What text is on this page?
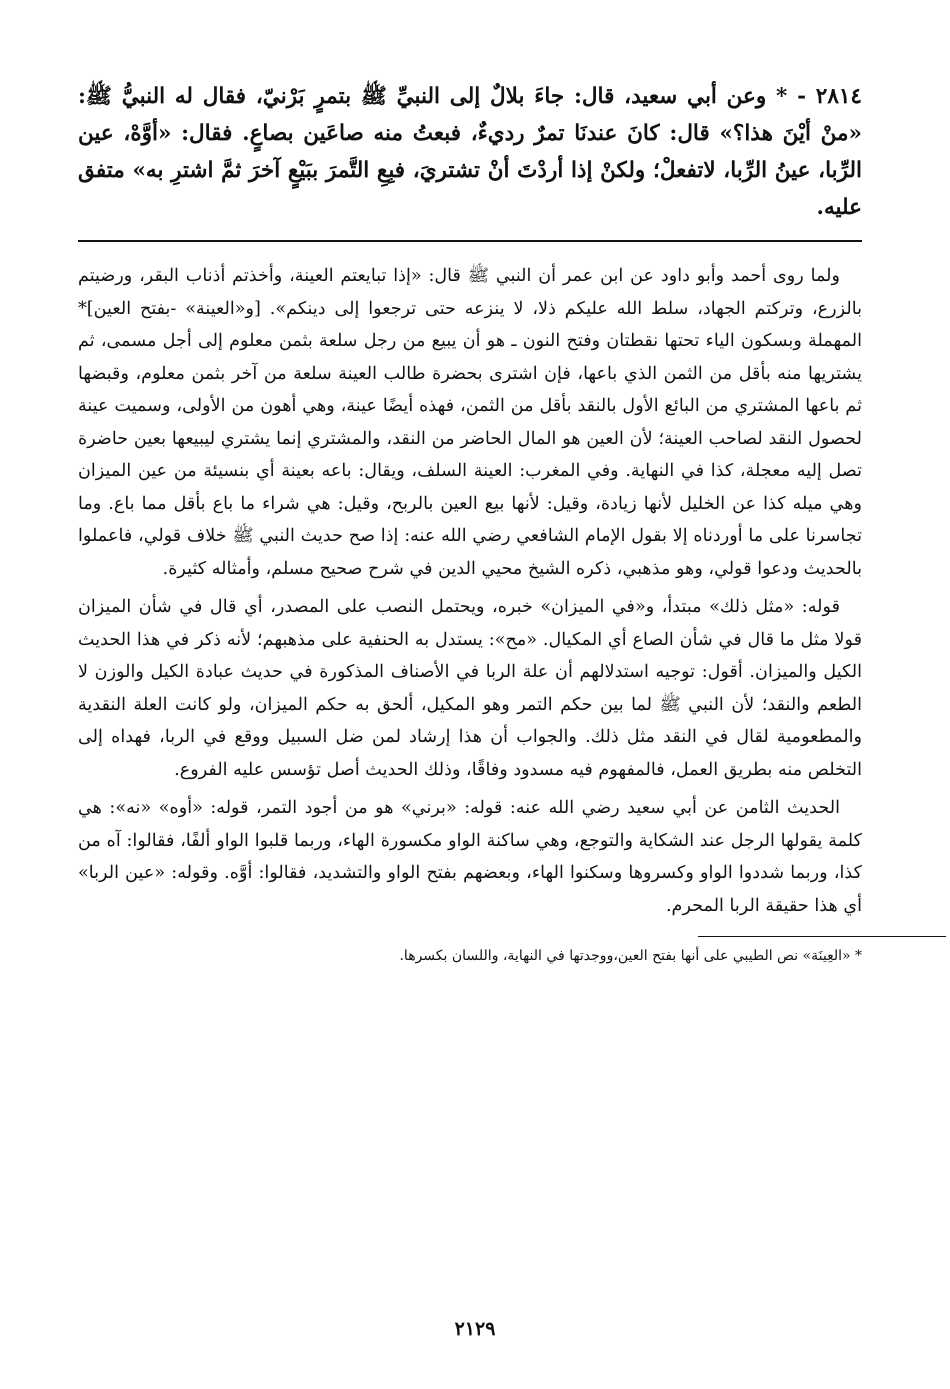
٢٨١٤ - * وعن أبي سعيد، قال: جاءَ بلالٌ إلى النبيِّ ﷺ بتمرٍ بَرْنيّ، فقال له النبيُّ ﷺ: «منْ أيْنَ هذا؟» قال: كانَ عندنَا تمرٌ رديءٌ، فبعتُ منه صاعَين بصاعٍ. فقال: «أوَّهْ، عين الرِّبا، عينُ الرِّبا، لاتفعلْ؛ ولكنْ إذا أردْتَ أنْ تشتريَ، فبِعِ التَّمرَ ببَيْعٍ آخرَ ثمَّ اشترِ به» متفق عليه.

ولما روى أحمد وأبو داود عن ابن عمر أن النبي ﷺ قال: «إذا تبايعتم العينة، وأخذتم أذناب البقر، ورضيتم بالزرع، وتركتم الجهاد، سلط الله عليكم ذلا، لا ينزعه حتى ترجعوا إلى دينكم». [و«العينة» -بفتح العين]* المهملة وبسكون الياء تحتها نقطتان وفتح النون ـ هو أن يبيع من رجل سلعة بثمن معلوم إلى أجل مسمى، ثم يشتريها منه بأقل من الثمن الذي باعها، فإن اشترى بحضرة طالب العينة سلعة من آخر بثمن معلوم، وقبضها ثم باعها المشتري من البائع الأول بالنقد بأقل من الثمن، فهذه أيضًا عينة، وهي أهون من الأولى، وسميت عينة لحصول النقد لصاحب العينة؛ لأن العين هو المال الحاضر من النقد، والمشتري إنما يشتري ليبيعها بعين حاضرة تصل إليه معجلة، كذا في النهاية. وفي المغرب: العينة السلف، ويقال: باعه بعينة أي بنسيئة من عين الميزان وهي ميله كذا عن الخليل لأنها زيادة، وقيل: لأنها بيع العين بالربح، وقيل: هي شراء ما باع بأقل مما باع. وما تجاسرنا على ما أوردناه إلا بقول الإمام الشافعي رضي الله عنه: إذا صح حديث النبي ﷺ خلاف قولي، فاعملوا بالحديث ودعوا قولي، وهو مذهبي، ذكره الشيخ محيي الدين في شرح صحيح مسلم، وأمثاله كثيرة.

قوله: «مثل ذلك» مبتدأ، و«في الميزان» خبره، ويحتمل النصب على المصدر، أي قال في شأن الميزان قولا مثل ما قال في شأن الصاع أي المكيال. «مح»: يستدل به الحنفية على مذهبهم؛ لأنه ذكر في هذا الحديث الكيل والميزان. أقول: توجيه استدلالهم أن علة الربا في الأصناف المذكورة في حديث عبادة الكيل والوزن لا الطعم والنقد؛ لأن النبي ﷺ لما بين حكم التمر وهو المكيل، ألحق به حكم الميزان، ولو كانت العلة النقدية والمطعومية لقال في النقد مثل ذلك. والجواب أن هذا إرشاد لمن ضل السبيل ووقع في الربا، فهداه إلى التخلص منه بطريق العمل، فالمفهوم فيه مسدود وفاقًا، وذلك الحديث أصل تؤسس عليه الفروع.

الحديث الثامن عن أبي سعيد رضي الله عنه: قوله: «برني» هو من أجود التمر، قوله: «أوه» «نه»: هي كلمة يقولها الرجل عند الشكاية والتوجع، وهي ساكنة الواو مكسورة الهاء، وربما قلبوا الواو ألفًا، فقالوا: آه من كذا، وربما شددوا الواو وكسروها وسكنوا الهاء، وبعضهم بفتح الواو والتشديد، فقالوا: أوَّه. وقوله: «عين الربا» أي هذا حقيقة الربا المحرم.

* «العِينَة» نص الطيبي على أنها بفتح العين،ووجدتها في النهاية، واللسان بكسرها.
٢١٢٩
